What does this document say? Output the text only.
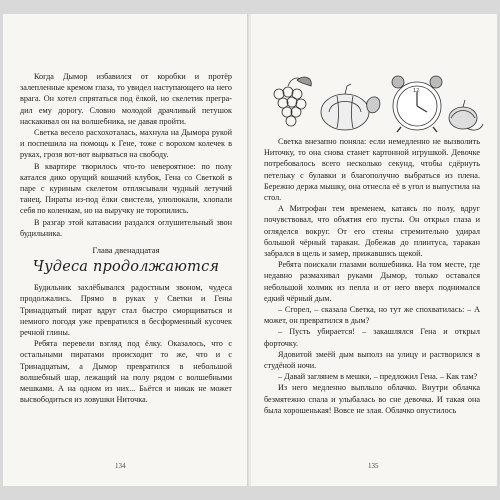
Когда Дымор избавился от коробки и протёр залепленные кремом глаза, то увидел наступающего на него врага. Он хотел спрятаться под ёлкой, но скелетик преградил ему дорогу. Словно молодой драчливый петушок наскакивал он на волшебника, не давая пройти.

Светка весело расхохоталась, махнула на Дымора рукой и поспешила на помощь к Гене, тоже с ворохом колечек в руках, грозя вот-вот вырваться на свободу.

В квартире творилось что-то невероятное: по полу катался дико орущий кошачий клубок, Гена со Светкой в паре с куриным скелетом отплясывали чудный летучий танец. Пираты из-под ёлки свистели, улюлюкали, хлопали себя по коленкам, но на выручку не торопились.

В разгар этой катавасии раздался оглушительный звон будильника.

Глава двенадцатая
Чудеса продолжаются

Будильник захлёбывался радостным звоном, чудеса продолжались. Прямо в руках у Светки и Гены Тринадцатый пират вдруг стал быстро сморщиваться и немного погодя уже превратился в бесформенный кусочек речной глины.

Ребята перевели взгляд под ёлку. Оказалось, что с остальными пиратами происходит то же, что и с Тринадцатым, а Дымор превратился в небольшой волшебный шар, лежащий на полу рядом с волшебными мешками. А на одном из них... Бьётся и никак не может высвободиться из ловушки Ниточка.

134
12

Светка внезапно поняла: если немедленно не вызволить Ниточку, то она снова станет картонной игрушкой. Девочке потребовалось всего несколько секунд, чтобы сдёрнуть петельку с булавки и благополучно выбраться из плена. Бережно держа мышку, она отнесла её в угол и выпустила на стол.

А Митрофан тем временем, катаясь по полу, вдруг почувствовал, что объятия его пусты. Он открыл глаза и огляделся вокруг. От его стены стремительно удирал большой чёрный таракан. Добежав до плинтуса, таракан забрался в щель и замер, прижавшись щекой.

Ребята поискали глазами волшебника. На том месте, где недавно размахивал руками Дымор, только оставался небольшой холмик из пепла и от него вверх поднимался едкий чёрный дым.

– Сгорел, – сказала Светка, но тут же спохватилась: – А может, он превратился в дым?

– Пусть убирается! – закашлялся Гена и открыл форточку.

Ядовитой змеёй дым выполз на улицу и растворился в студёной ночи.

– Давай заглянем в мешки, – предложил Гена. – Как там?

Из него медленно выплыло облачко. Внутри облачка безмятежно спала и улыбалась во сне девочка. И такая она была хорошенькая! Вовсе не злая. Облачко опустилось

135
